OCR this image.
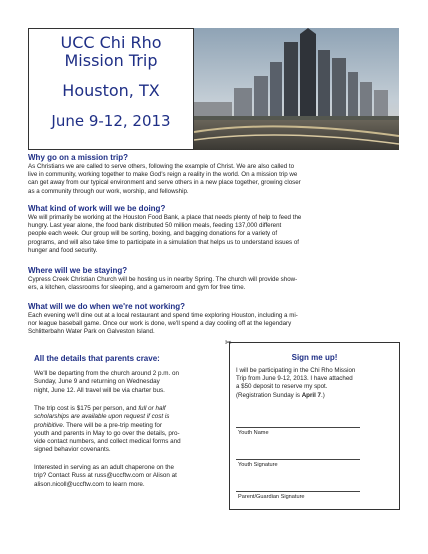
UCC Chi Rho
Mission Trip
Houston, TX
June 9-12, 2013
Why go on a mission trip?

As Christians we are called to serve others, following the example of Christ. We are also called to
live in community, working together to make God's reign a reality in the world. On a mission trip we
can get away from our typical environment and serve others in a new place together, growing closer
as a community through our work, worship, and fellowship.

What kind of work will we be doing?

We will primarily be working at the Houston Food Bank, a place that needs plenty of help to feed the
hungry. Last year alone, the food bank distributed 50 million meals, feeding 137,000 different
people each week. Our group will be sorting, boxing, and bagging donations for a variety of
programs, and will also take time to participate in a simulation that helps us to understand issues of
hunger and food security.

Where will we be staying?

Cypress Creek Christian Church will be hosting us in nearby Spring. The church will provide show-
ers, a kitchen, classrooms for sleeping, and a gameroom and gym for free time.

What will we do when we're not working?

Each evening we'll dine out at a local restaurant and spend time exploring Houston, including a mi-
nor league baseball game. Once our work is done, we'll spend a day cooling off at the legendary
Schlitterbahn Water Park on Galveston Island.

All the details that parents crave:

We'll be departing from the church around 2 p.m. on
Sunday, June 9 and returning on Wednesday
night, June 12. All travel will be via charter bus.

The trip cost is $175 per person, and full or half
scholarships are available upon request if cost is
prohibitive. There will be a pre-trip meeting for
youth and parents in May to go over the details, pro-
vide contact numbers, and collect medical forms and
signed behavior covenants.

Interested in serving as an adult chaperone on the
trip? Contact Russ at russ@uccftw.com or Alison at
alison.nicoll@uccftw.com to learn more.

✂
Sign me up!

I will be participating in the Chi Rho Mission
Trip from June 9-12, 2013. I have attached
a $50 deposit to reserve my spot.
(Registration Sunday is April 7.)

Youth Name
Youth Signature
Parent/Guardian Signature
